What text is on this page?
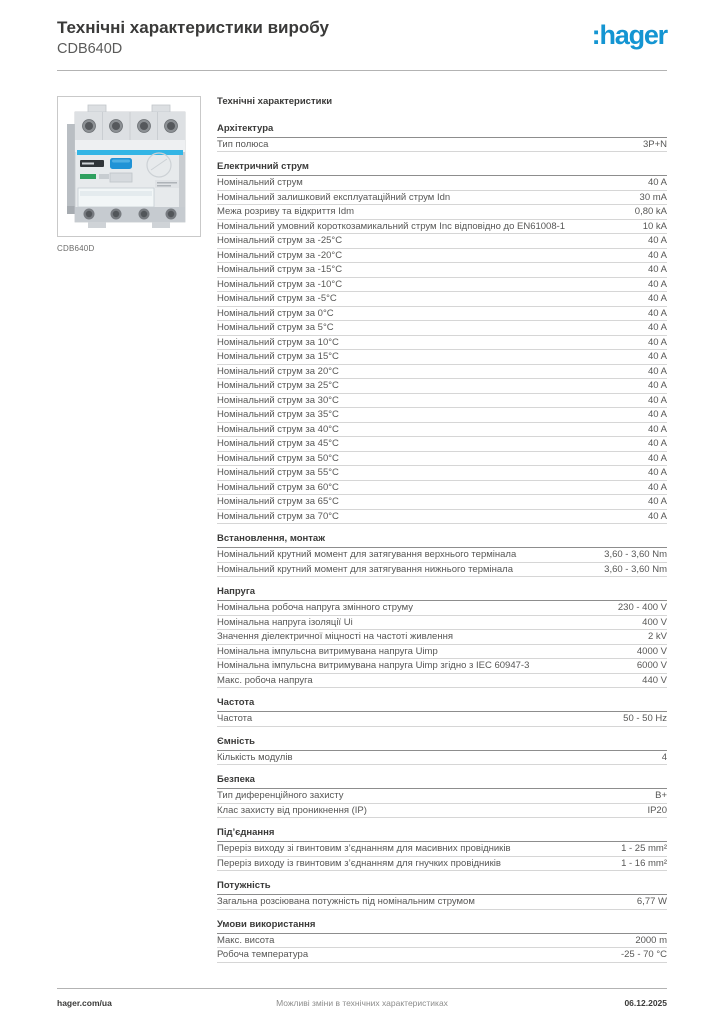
Технічні характеристики виробу
CDB640D	:hager
CDB640D
Технічні характеристики
Архітектура
Тип полюса	3P+N
Електричний струм
Номінальний струм	40 A
Номінальний залишковий експлуатаційний струм Idn	30 mA
Межа розриву та відкриття Idm	0,80 kA
Номінальний умовний короткозамикальний струм Inc відповідно до EN61008-1	10 kA
Номінальний струм за -25°C	40 A
Номінальний струм за -20°C	40 A
Номінальний струм за -15°C	40 A
Номінальний струм за -10°C	40 A
Номінальний струм за -5°C	40 A
Номінальний струм за 0°C	40 A
Номінальний струм за 5°C	40 A
Номінальний струм за 10°C	40 A
Номінальний струм за 15°C	40 A
Номінальний струм за 20°C	40 A
Номінальний струм за 25°C	40 A
Номінальний струм за 30°C	40 A
Номінальний струм за 35°C	40 A
Номінальний струм за 40°C	40 A
Номінальний струм за 45°C	40 A
Номінальний струм за 50°C	40 A
Номінальний струм за 55°C	40 A
Номінальний струм за 60°C	40 A
Номінальний струм за 65°C	40 A
Номінальний струм за 70°C	40 A
Встановлення, монтаж
Номінальний крутний момент для затягування верхнього термінала	3,60 - 3,60 Nm
Номінальний крутний момент для затягування нижнього термінала	3,60 - 3,60 Nm
Напруга
Номінальна робоча напруга змінного струму	230 - 400 V
Номінальна напруга ізоляції Ui	400 V
Значення діелектричної міцності на частоті живлення	2 kV
Номінальна імпульсна витримувана напруга Uimp	4000 V
Номінальна імпульсна витримувана напруга Uimp згідно з IEC 60947-3	6000 V
Макс. робоча напруга	440 V
Частота
Частота	50 - 50 Hz
Ємність
Кількість модулів	4
Безпека
Тип диференційного захисту	B+
Клас захисту від проникнення (IP)	IP20
Під’єднання
Переріз виходу зі гвинтовим з’єднанням для масивних провідників	1 - 25 mm²
Переріз виходу із гвинтовим з’єднанням для гнучких провідників	1 - 16 mm²
Потужність
Загальна розсіювана потужність під номінальним струмом	6,77 W
Умови використання
Макс. висота	2000 m
Робоча температура	-25 - 70 °C
hager.com/ua	Можливі зміни в технічних характеристиках	06.12.2025
